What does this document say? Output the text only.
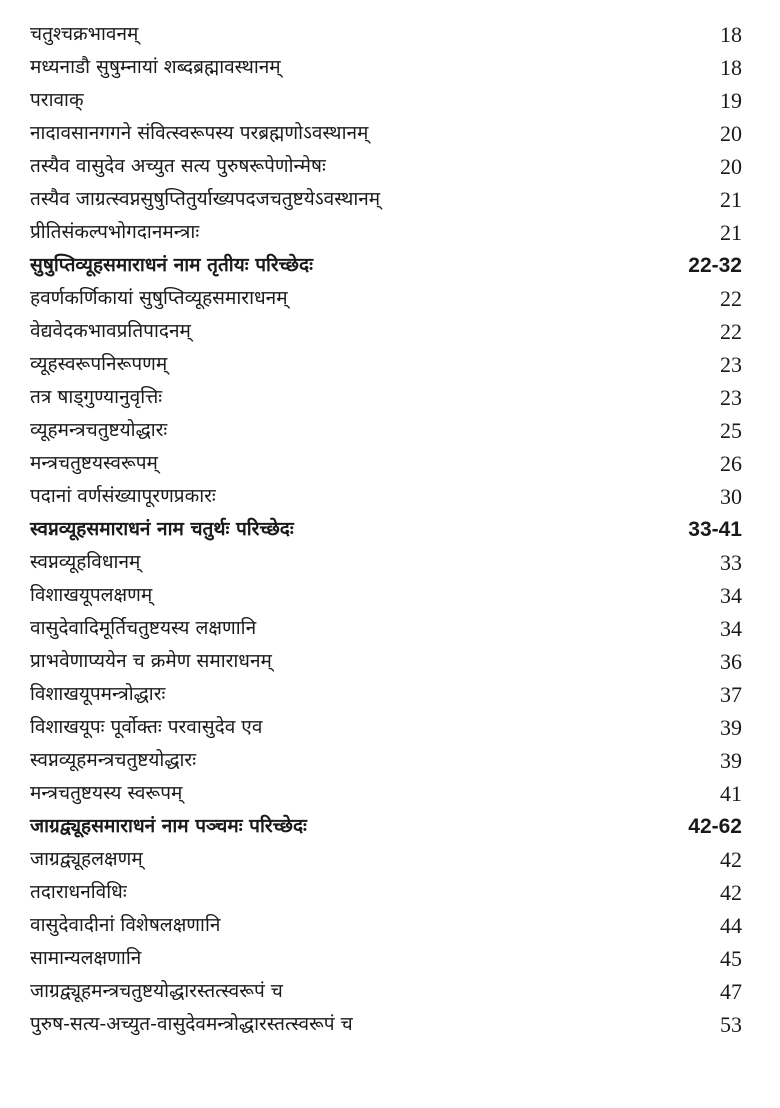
चतुश्चक्रभावनम्	18
मध्यनाडौ सुषुम्नायां शब्दब्रह्मावस्थानम्	18
परावाक्	19
नादावसानगगने संवित्स्वरूपस्य परब्रह्मणोऽवस्थानम्	20
तस्यैव वासुदेव अच्युत सत्य पुरुषरूपेणोन्मेषः	20
तस्यैव जाग्रत्स्वप्नसुषुप्तितुर्याख्यपदजचतुष्टयेऽवस्थानम्	21
प्रीतिसंकल्पभोगदानमन्त्राः	21
सुषुप्तिव्यूहसमाराधनं नाम तृतीयः परिच्छेदः	22-32
हवर्णकर्णिकायां सुषुप्तिव्यूहसमाराधनम्	22
वेद्यवेदकभावप्रतिपादनम्	22
व्यूहस्वरूपनिरूपणम्	23
तत्र षाड्गुण्यानुवृत्तिः	23
व्यूहमन्त्रचतुष्टयोद्धारः	25
मन्त्रचतुष्टयस्वरूपम्	26
पदानां वर्णसंख्यापूरणप्रकारः	30
स्वप्नव्यूहसमाराधनं नाम चतुर्थः परिच्छेदः	33-41
स्वप्नव्यूहविधानम्	33
विशाखयूपलक्षणम्	34
वासुदेवादिमूर्तिचतुष्टयस्य लक्षणानि	34
प्राभवेणाप्ययेन च क्रमेण समाराधनम्	36
विशाखयूपमन्त्रोद्धारः	37
विशाखयूपः पूर्वोक्तः परवासुदेव एव	39
स्वप्नव्यूहमन्त्रचतुष्टयोद्धारः	39
मन्त्रचतुष्टयस्य स्वरूपम्	41
जाग्रद्व्यूहसमाराधनं नाम पञ्चमः परिच्छेदः	42-62
जाग्रद्व्यूहलक्षणम्	42
तदाराधनविधिः	42
वासुदेवादीनां विशेषलक्षणानि	44
सामान्यलक्षणानि	45
जाग्रद्व्यूहमन्त्रचतुष्टयोद्धारस्तत्स्वरूपं च	47
पुरुष-सत्य-अच्युत-वासुदेवमन्त्रोद्धारस्तत्स्वरूपं च	53
